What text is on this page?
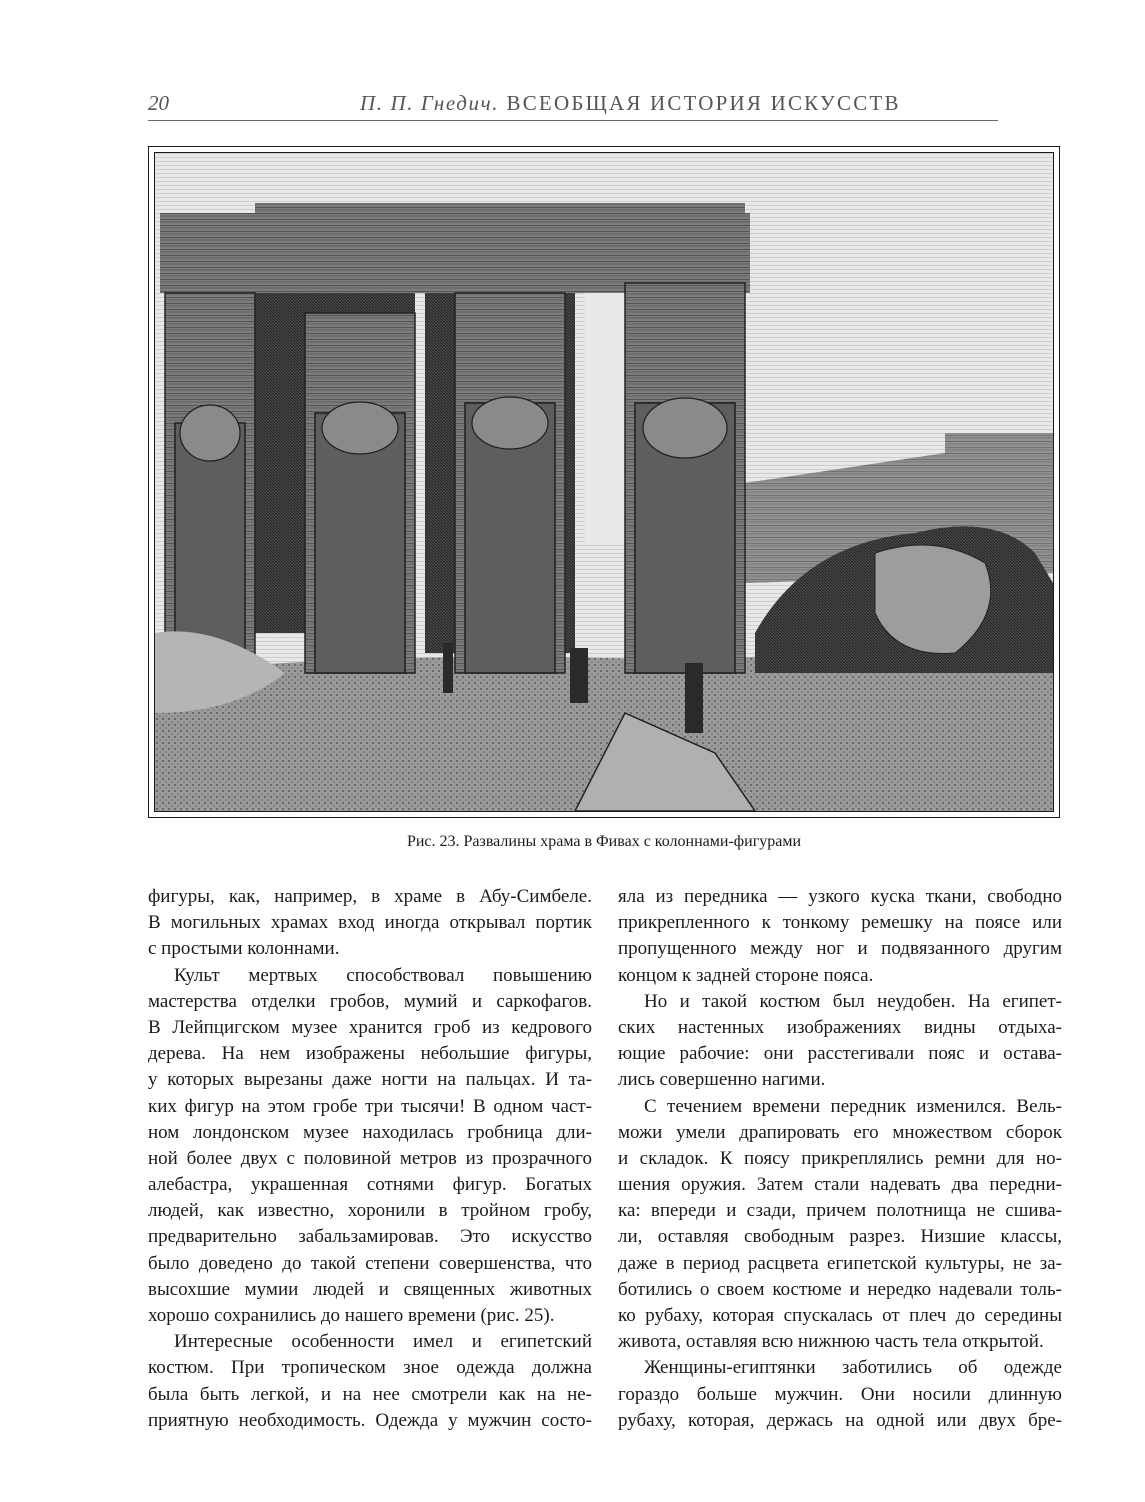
20	П. П. Гнедич. ВСЕОБЩАЯ ИСТОРИЯ ИСКУССТВ
Рис. 23. Развалины храма в Фивах с колоннами-фигурами
фигуры, как, например, в храме в Абу-Симбеле.
В могильных храмах вход иногда открывал портик
с простыми колоннами.
Культ мертвых способствовал повышению
мастерства отделки гробов, мумий и саркофагов.
В Лейпцигском музее хранится гроб из кедрового
дерева. На нем изображены небольшие фигуры,
у которых вырезаны даже ногти на пальцах. И та-
ких фигур на этом гробе три тысячи! В одном част-
ном лондонском музее находилась гробница дли-
ной более двух с половиной метров из прозрачного
алебастра, украшенная сотнями фигур. Богатых
людей, как известно, хоронили в тройном гробу,
предварительно забальзамировав. Это искусство
было доведено до такой степени совершенства, что
высохшие мумии людей и священных животных
хорошо сохранились до нашего времени (рис. 25).
Интересные особенности имел и египетский
костюм. При тропическом зное одежда должна
была быть легкой, и на нее смотрели как на не-
приятную необходимость. Одежда у мужчин состо-
яла из передника — узкого куска ткани, свободно
прикрепленного к тонкому ремешку на поясе или
пропущенного между ног и подвязанного другим
концом к задней стороне пояса.
Но и такой костюм был неудобен. На египет-
ских настенных изображениях видны отдыха-
ющие рабочие: они расстегивали пояс и остава-
лись совершенно нагими.
С течением времени передник изменился. Вель-
можи умели драпировать его множеством сборок
и складок. К поясу прикреплялись ремни для но-
шения оружия. Затем стали надевать два передни-
ка: впереди и сзади, причем полотнища не сшива-
ли, оставляя свободным разрез. Низшие классы,
даже в период расцвета египетской культуры, не за-
ботились о своем костюме и нередко надевали толь-
ко рубаху, которая спускалась от плеч до середины
живота, оставляя всю нижнюю часть тела открытой.
Женщины-египтянки заботились об одежде
гораздо больше мужчин. Они носили длинную
рубаху, которая, держась на одной или двух бре-
